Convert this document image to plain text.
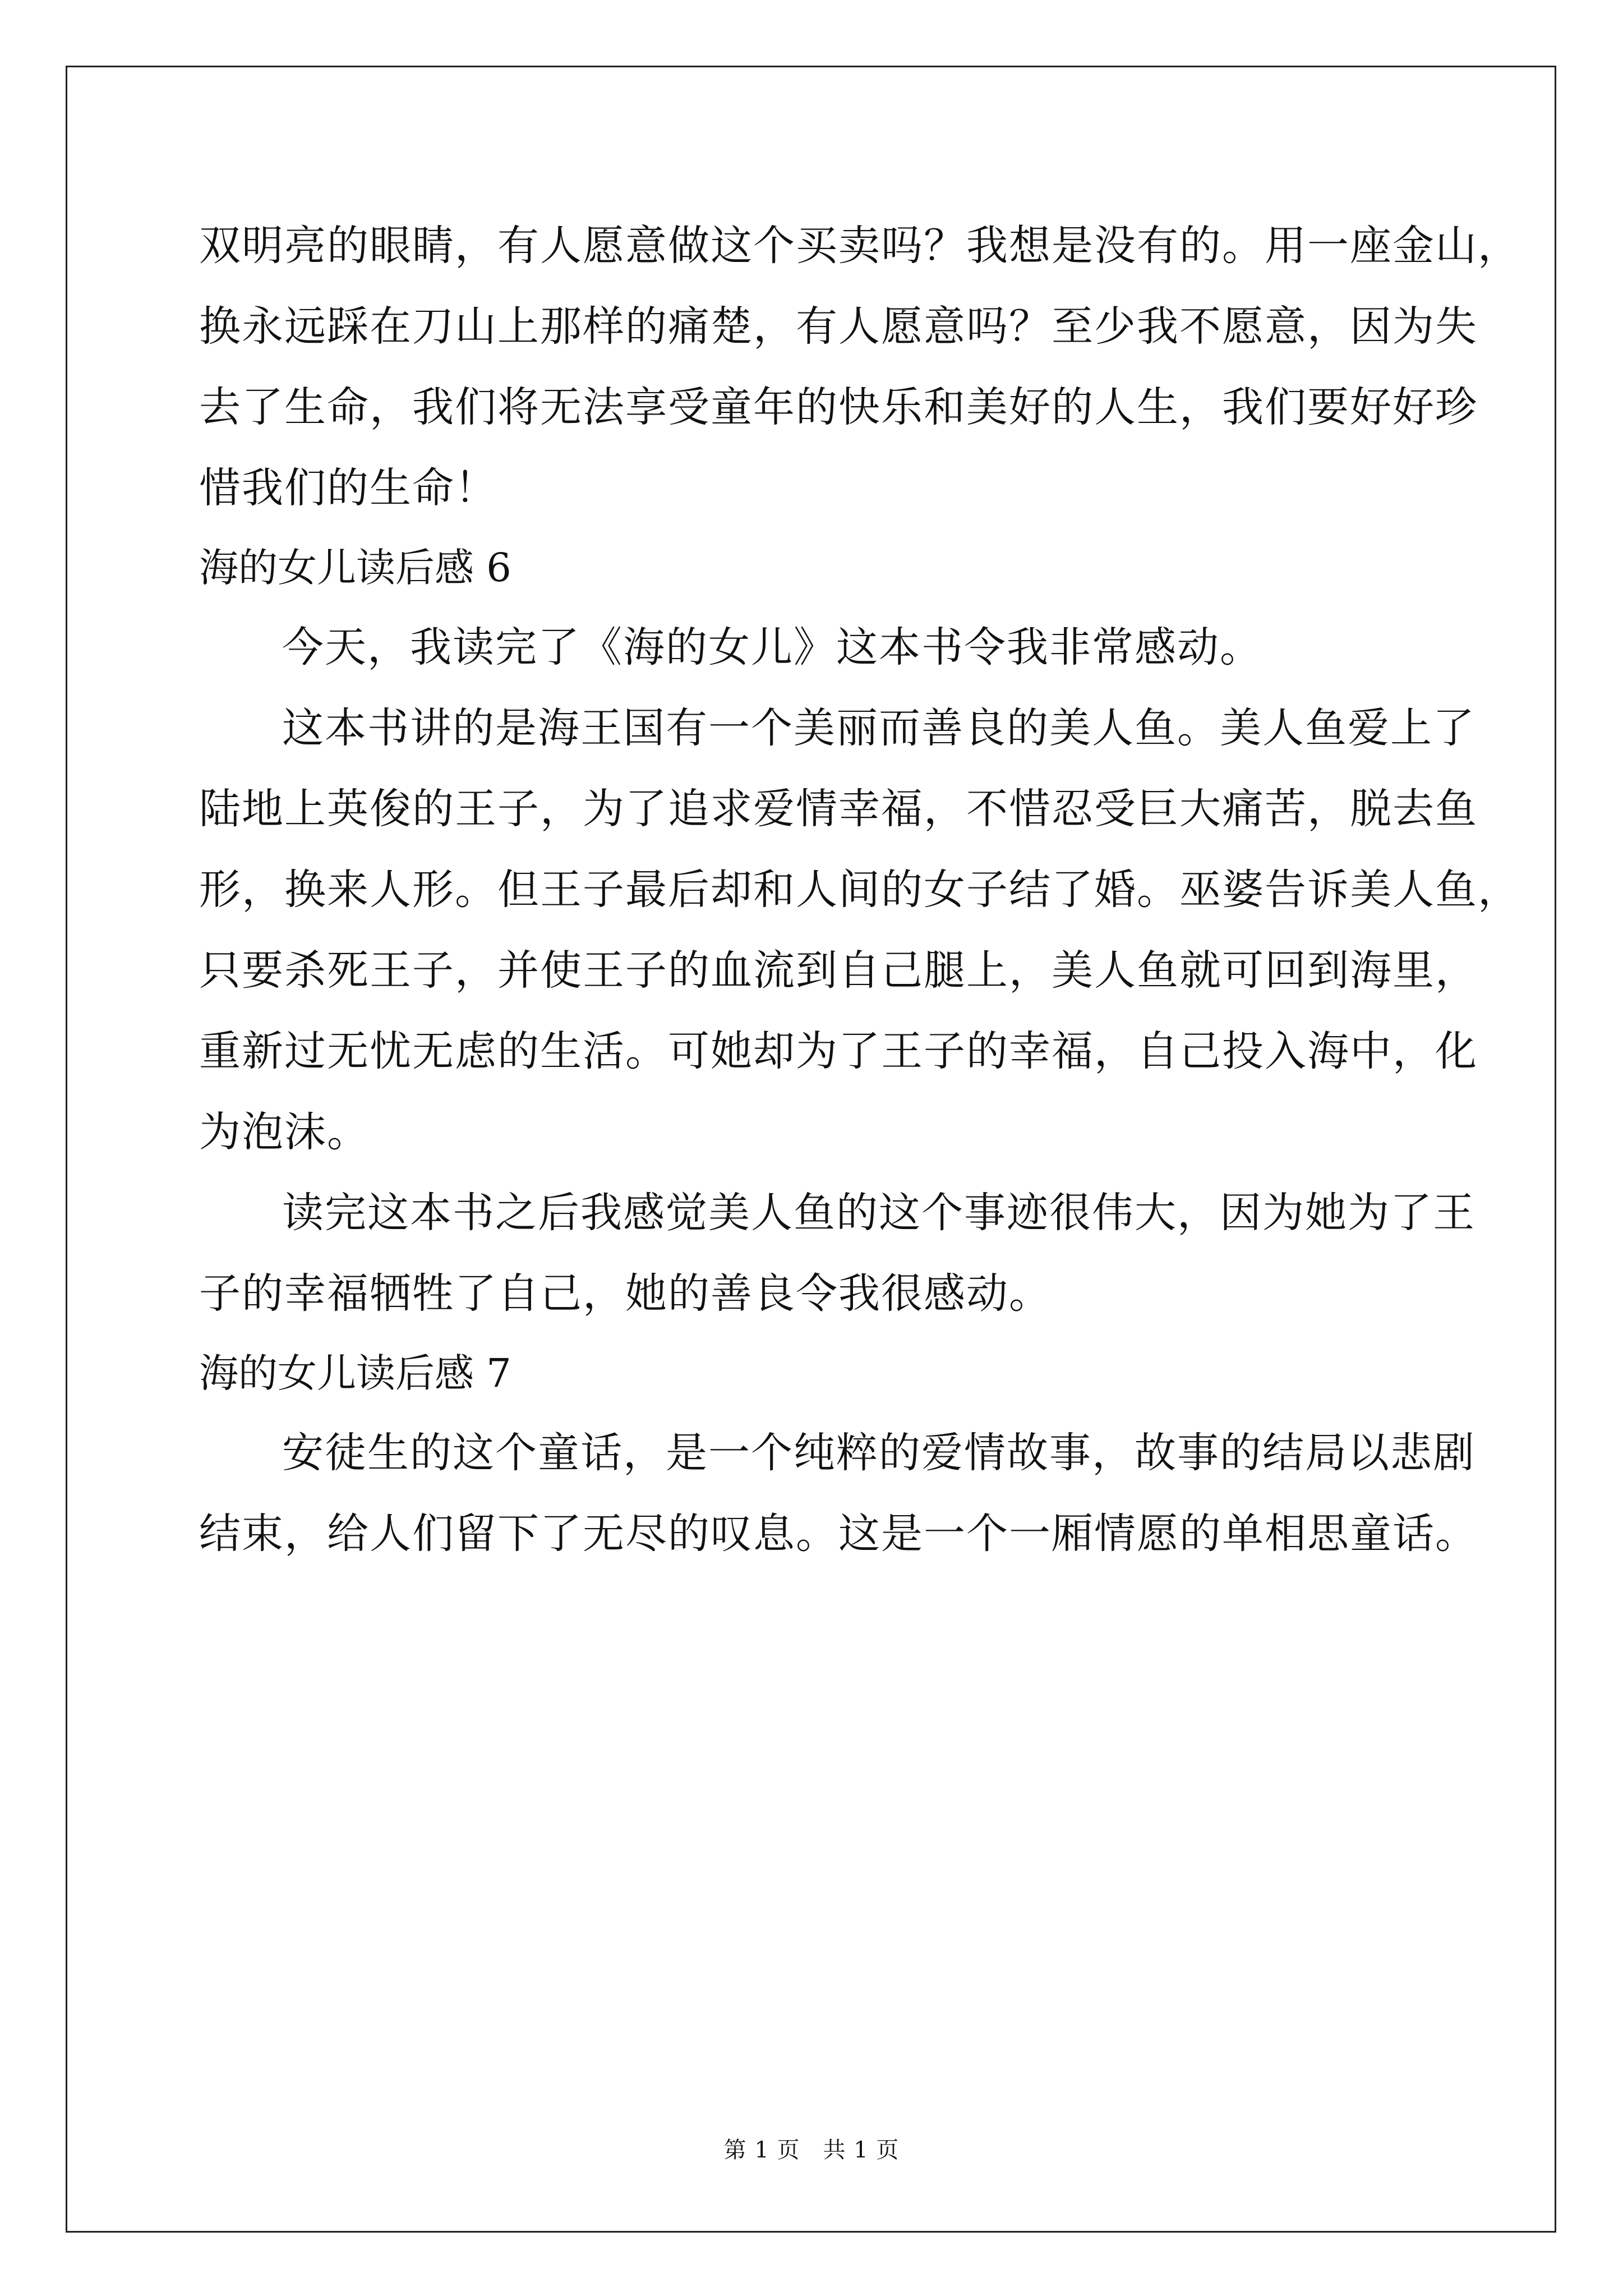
双明亮的眼睛，有人愿意做这个买卖吗？我想是没有的。用一座金山，
换永远踩在刀山上那样的痛楚，有人愿意吗？至少我不愿意，因为失
去了生命，我们将无法享受童年的快乐和美好的人生，我们要好好珍
惜我们的生命！
海的女儿读后感 6
今天，我读完了《海的女儿》这本书令我非常感动。
这本书讲的是海王国有一个美丽而善良的美人鱼。美人鱼爱上了
陆地上英俊的王子，为了追求爱情幸福，不惜忍受巨大痛苦，脱去鱼
形，换来人形。但王子最后却和人间的女子结了婚。巫婆告诉美人鱼，
只要杀死王子，并使王子的血流到自己腿上，美人鱼就可回到海里，
重新过无忧无虑的生活。可她却为了王子的幸福，自己投入海中，化
为泡沫。
读完这本书之后我感觉美人鱼的这个事迹很伟大，因为她为了王
子的幸福牺牲了自己，她的善良令我很感动。
海的女儿读后感 7
安徒生的这个童话，是一个纯粹的爱情故事，故事的结局以悲剧
结束，给人们留下了无尽的叹息。这是一个一厢情愿的单相思童话。
第 1 页　共 1 页
